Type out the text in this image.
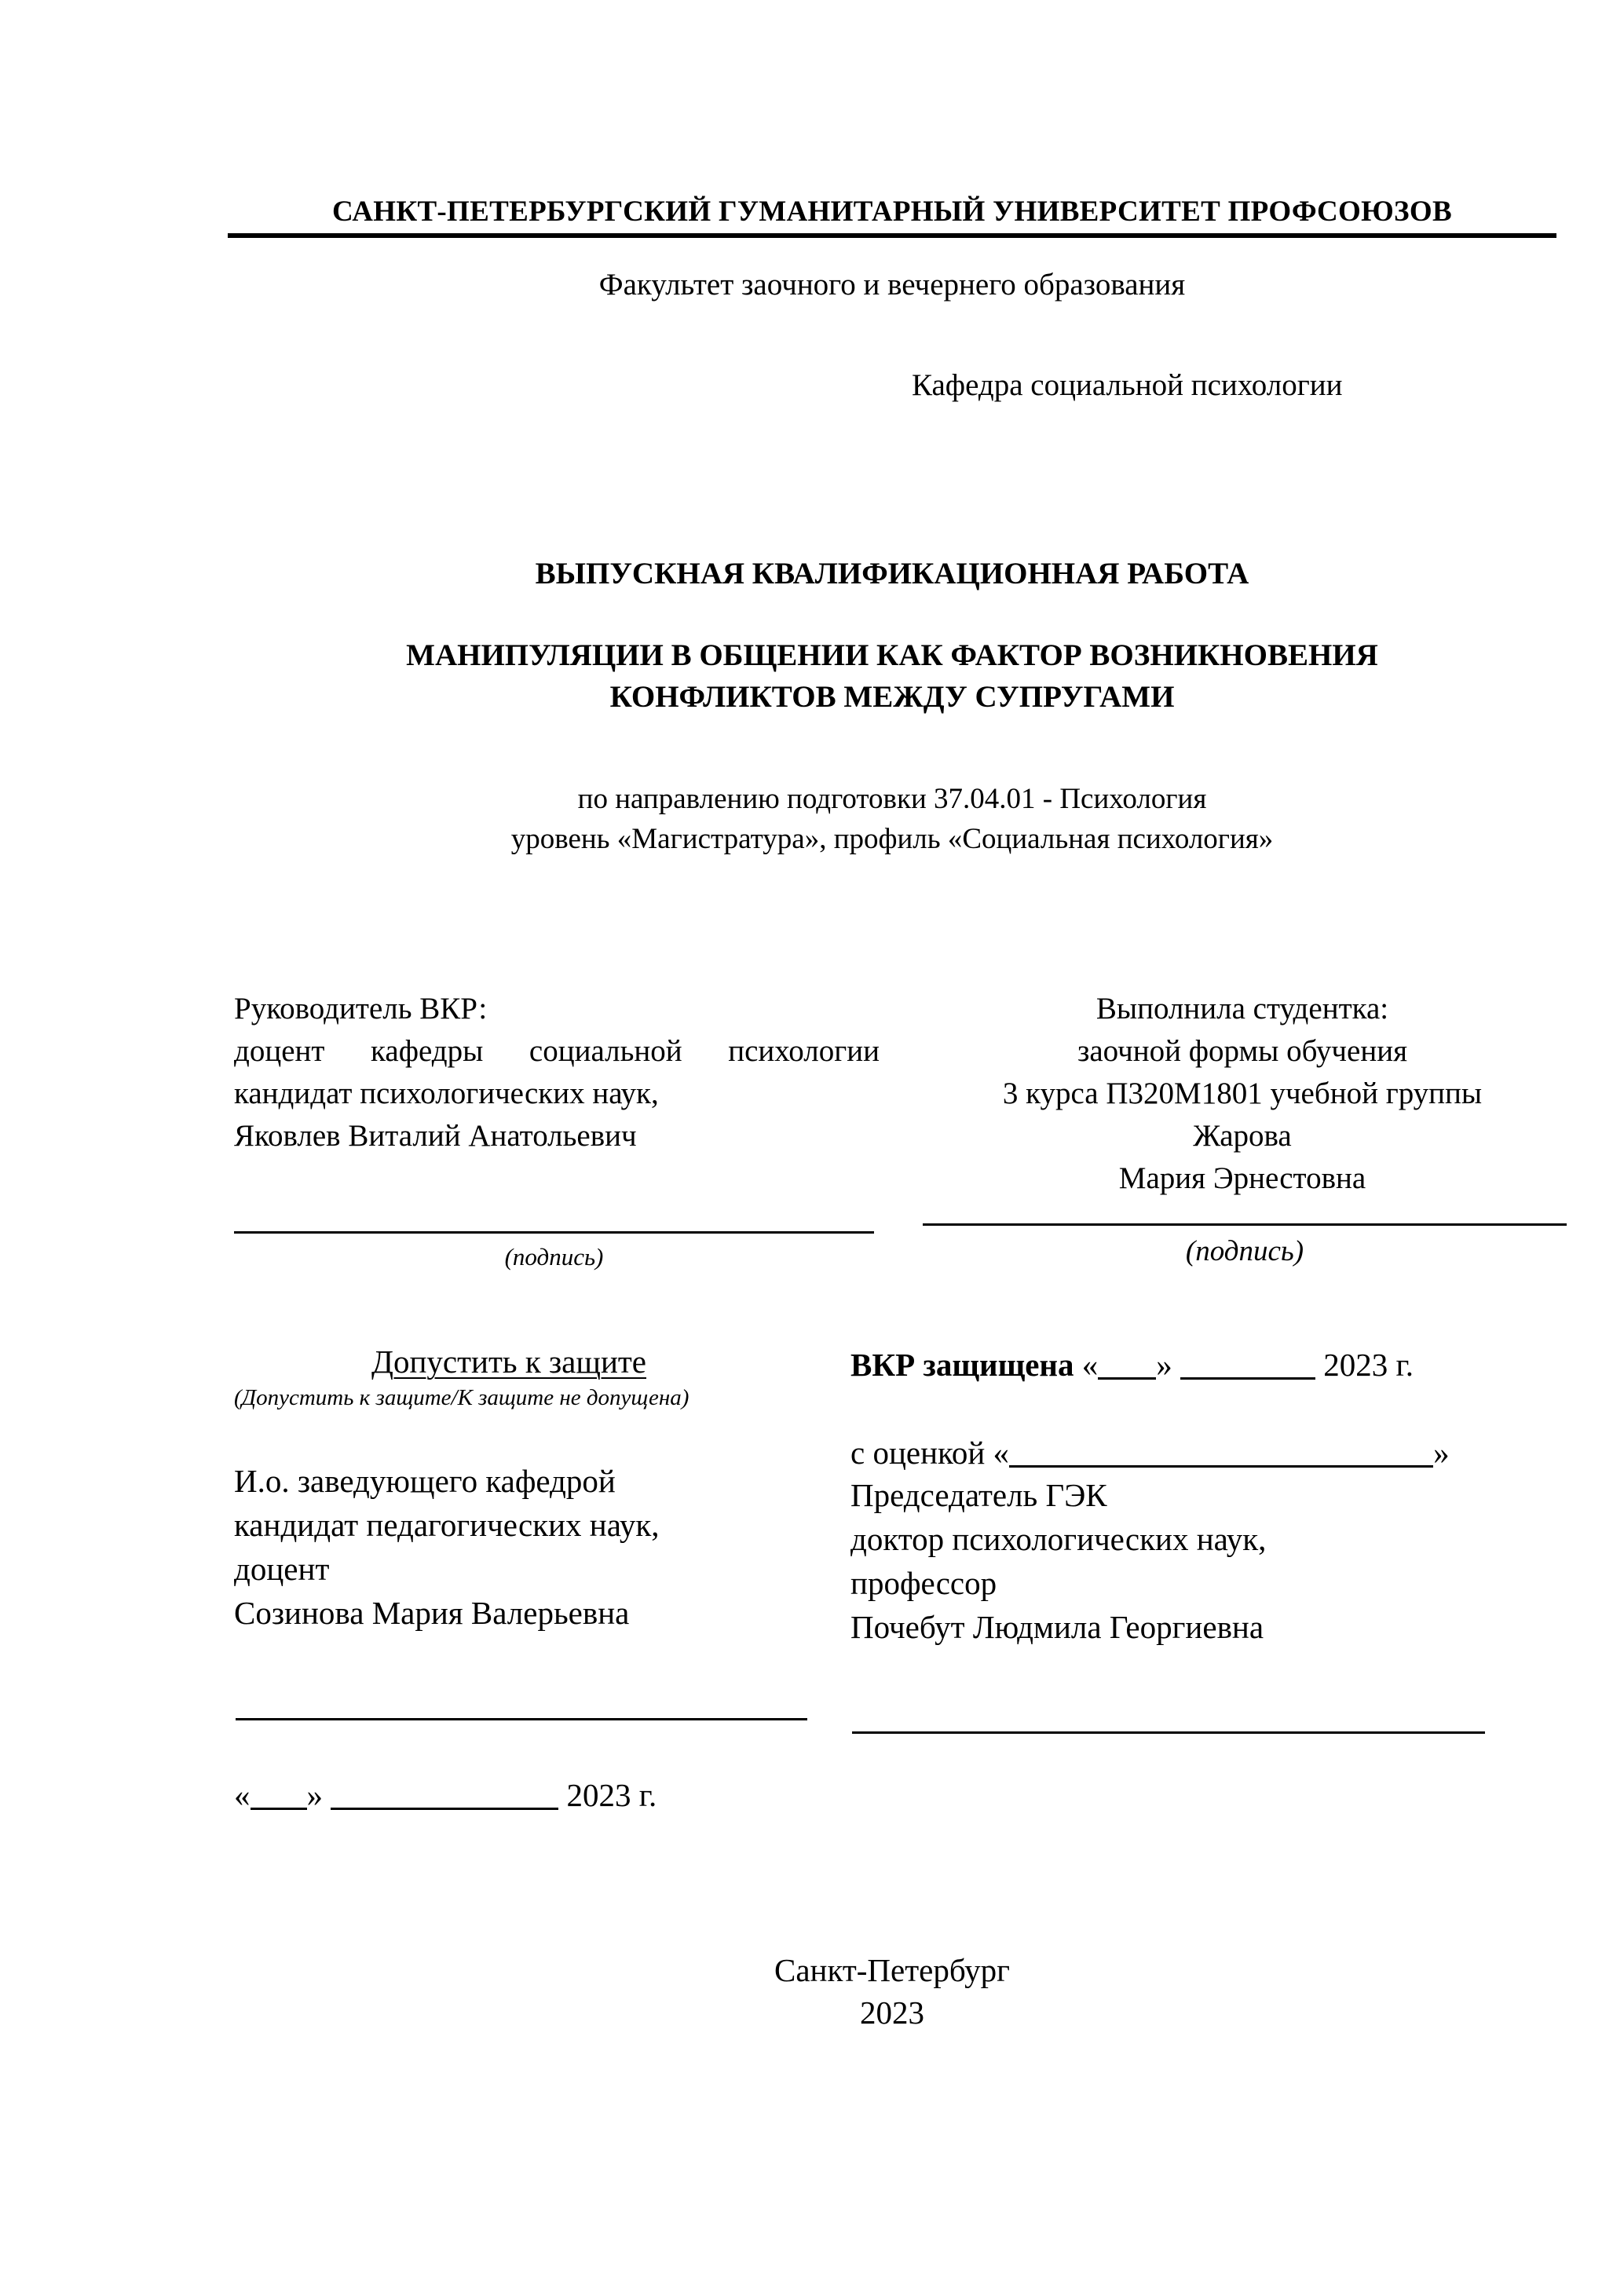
САНКТ-ПЕТЕРБУРГСКИЙ ГУМАНИТАРНЫЙ УНИВЕРСИТЕТ ПРОФСОЮЗОВ
Факультет заочного и вечернего образования
Кафедра социальной психологии
ВЫПУСКНАЯ КВАЛИФИКАЦИОННАЯ РАБОТА
МАНИПУЛЯЦИИ В ОБЩЕНИИ КАК ФАКТОР ВОЗНИКНОВЕНИЯ
КОНФЛИКТОВ МЕЖДУ СУПРУГАМИ
по направлению подготовки 37.04.01 - Психология
уровень «Магистратура», профиль «Социальная психология»
Руководитель ВКР:
доцент кафедры социальной психологии
кандидат психологических наук,
Яковлев Виталий Анатольевич
(подпись)
Выполнила студентка:
заочной формы обучения
3 курса П320М1801 учебной группы
Жарова
Мария Эрнестовна
(подпись)
Допустить к защите
(Допустить к защите/К защите не допущена)
И.о. заведующего кафедрой
кандидат педагогических наук,
доцент
Созинова Мария Валерьевна
« »	2023 г.
ВКР защищена « »	2023 г.
с оценкой «	»
Председатель ГЭК
доктор психологических наук,
профессор
Почебут Людмила Георгиевна
Санкт-Петербург
2023
